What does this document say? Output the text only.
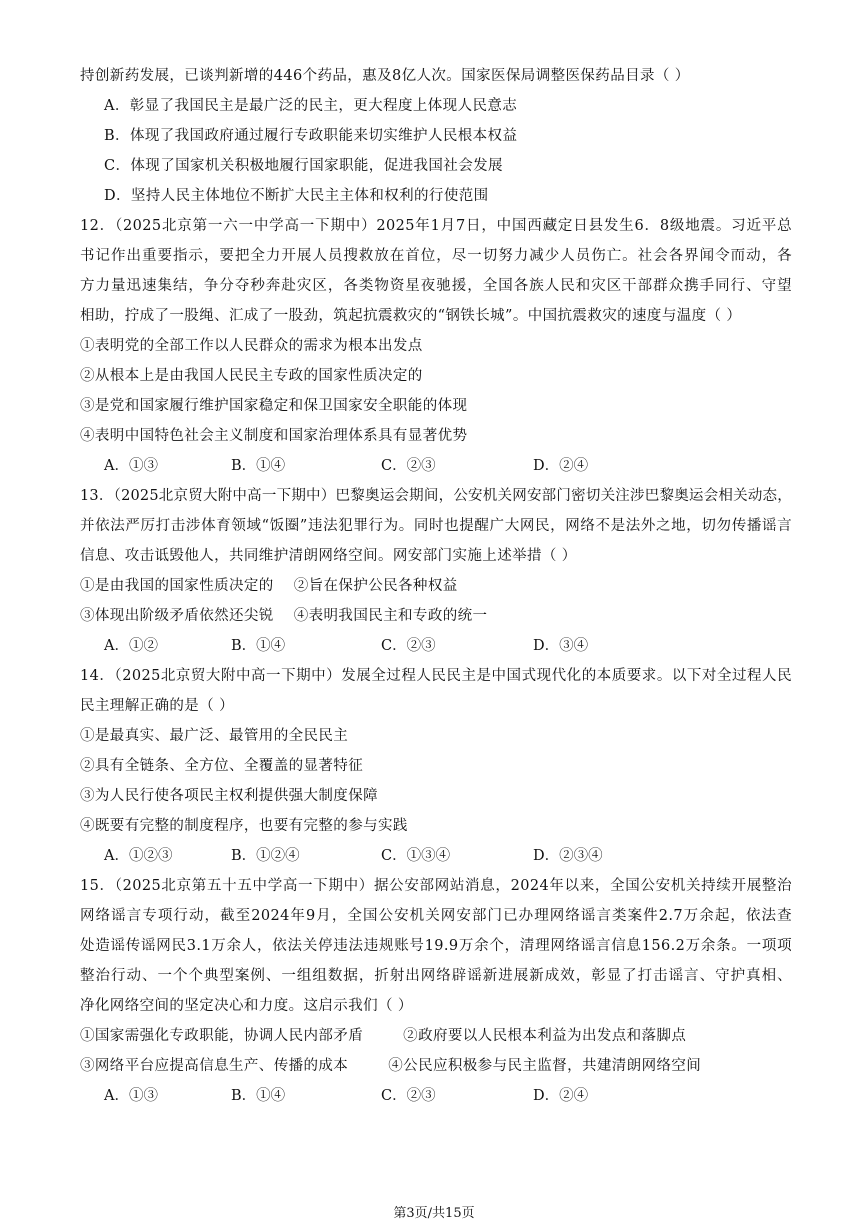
持创新药发展，已谈判新增的446个药品，惠及8亿人次。国家医保局调整医保药品目录（ ）
A．彰显了我国民主是最广泛的民主，更大程度上体现人民意志
B．体现了我国政府通过履行专政职能来切实维护人民根本权益
C．体现了国家机关积极地履行国家职能，促进我国社会发展
D．坚持人民主体地位不断扩大民主主体和权利的行使范围
12．（2025北京第一六一中学高一下期中）2025年1月7日，中国西藏定日县发生6．8级地震。习近平总
书记作出重要指示，要把全力开展人员搜救放在首位，尽一切努力减少人员伤亡。社会各界闻令而动，各
方力量迅速集结，争分夺秒奔赴灾区，各类物资星夜驰援，全国各族人民和灾区干部群众携手同行、守望
相助，拧成了一股绳、汇成了一股劲，筑起抗震救灾的“钢铁长城”。中国抗震救灾的速度与温度（ ）
①表明党的全部工作以人民群众的需求为根本出发点
②从根本上是由我国人民民主专政的国家性质决定的
③是党和国家履行维护国家稳定和保卫国家安全职能的体现
④表明中国特色社会主义制度和国家治理体系具有显著优势
A．①③	B．①④	C．②③	D．②④
13．（2025北京贸大附中高一下期中）巴黎奥运会期间，公安机关网安部门密切关注涉巴黎奥运会相关动态，
并依法严厉打击涉体育领域“饭圈”违法犯罪行为。同时也提醒广大网民，网络不是法外之地，切勿传播谣言
信息、攻击诋毁他人，共同维护清朗网络空间。网安部门实施上述举措（ ）
①是由我国的国家性质决定的    ②旨在保护公民各种权益
③体现出阶级矛盾依然还尖锐    ④表明我国民主和专政的统一
A．①②	B．①④	C．②③	D．③④
14．（2025北京贸大附中高一下期中）发展全过程人民民主是中国式现代化的本质要求。以下对全过程人民
民主理解正确的是（ ）
①是最真实、最广泛、最管用的全民民主
②具有全链条、全方位、全覆盖的显著特征
③为人民行使各项民主权利提供强大制度保障
④既要有完整的制度程序，也要有完整的参与实践
A．①②③	B．①②④	C．①③④	D．②③④
15．（2025北京第五十五中学高一下期中）据公安部网站消息，2024年以来，全国公安机关持续开展整治
网络谣言专项行动，截至2024年9月，全国公安机关网安部门已办理网络谣言类案件2.7万余起，依法查
处造谣传谣网民3.1万余人，依法关停违法违规账号19.9万余个，清理网络谣言信息156.2万余条。一项项
整治行动、一个个典型案例、一组组数据，折射出网络辟谣新进展新成效，彰显了打击谣言、守护真相、
净化网络空间的坚定决心和力度。这启示我们（ ）
①国家需强化专政职能，协调人民内部矛盾        ②政府要以人民根本利益为出发点和落脚点
③网络平台应提高信息生产、传播的成本        ④公民应积极参与民主监督，共建清朗网络空间
A．①③	B．①④	C．②③	D．②④
第3页/共15页
